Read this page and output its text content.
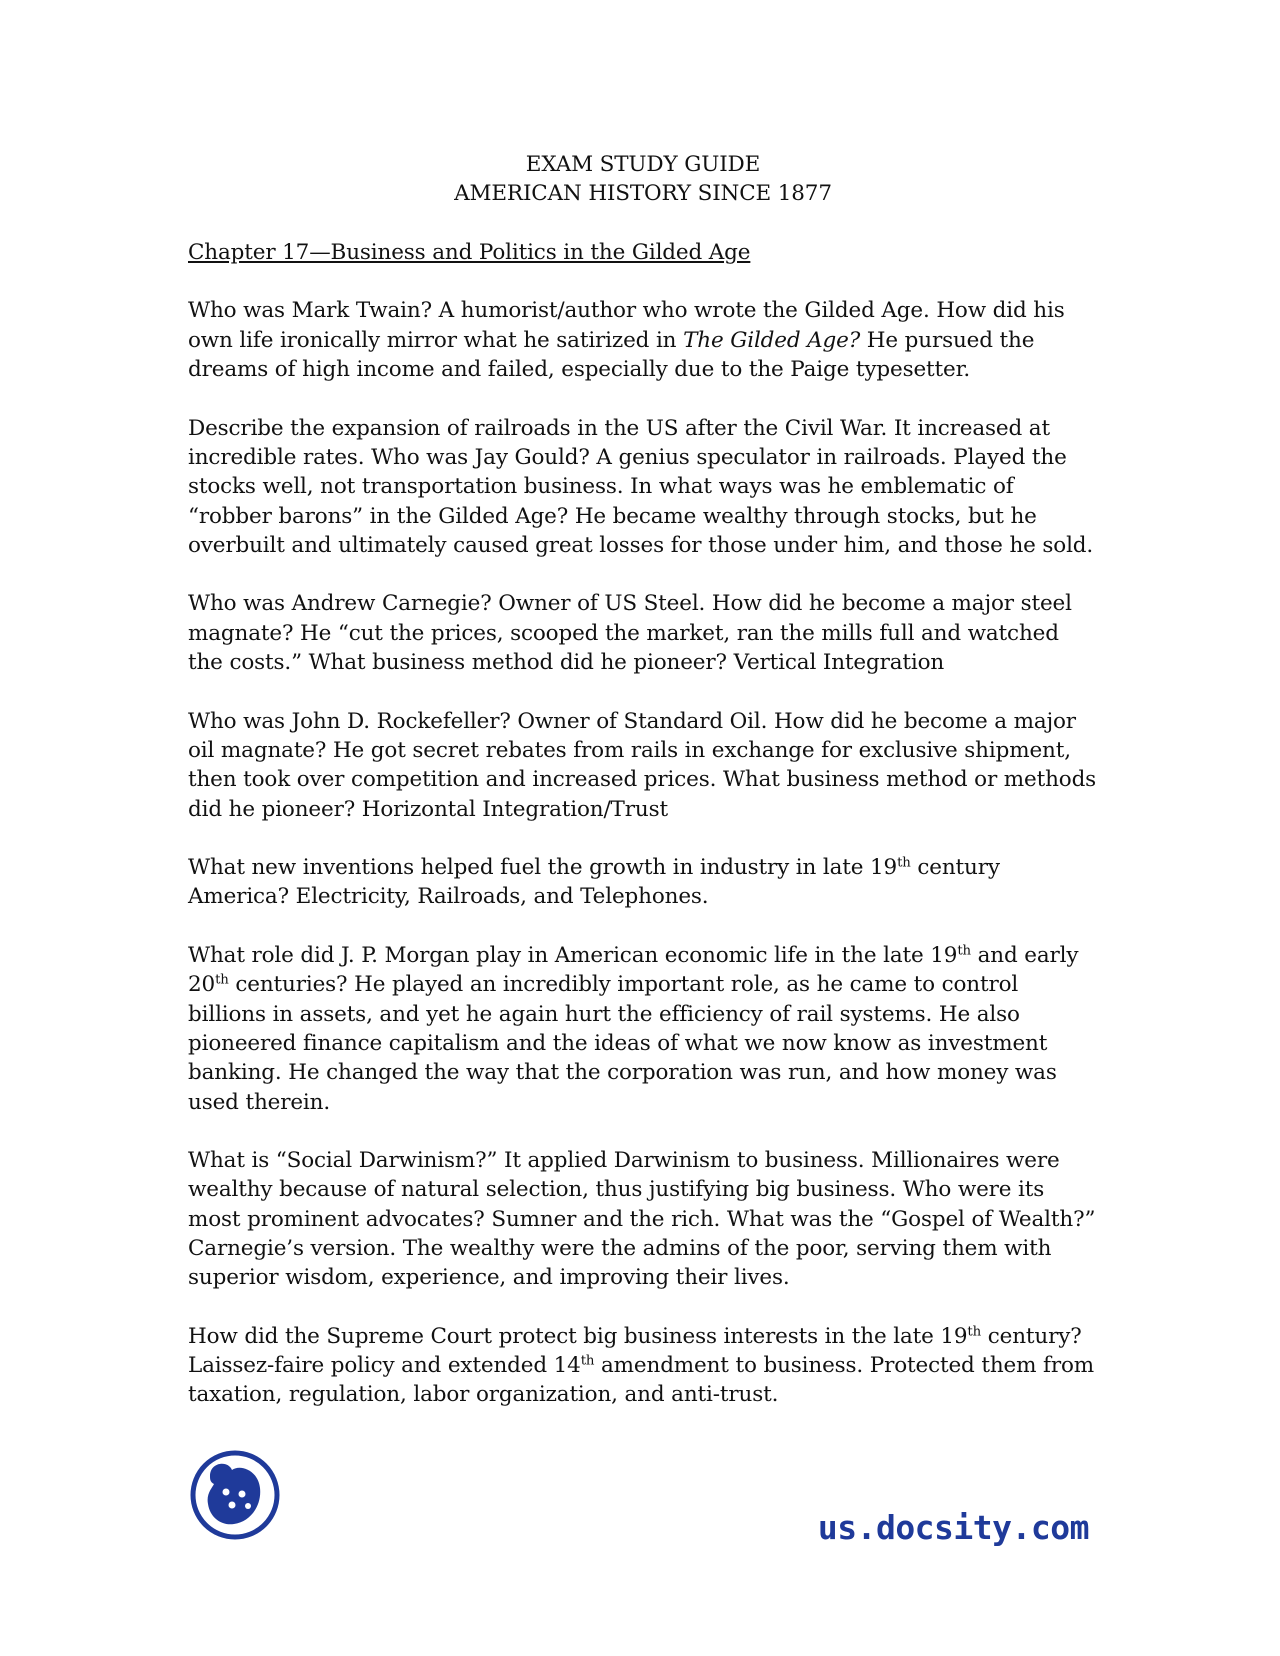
EXAM STUDY GUIDE

AMERICAN HISTORY SINCE 1877

Chapter 17—Business and Politics in the Gilded Age

Who was Mark Twain? A humorist/author who wrote the Gilded Age. How did his own life ironically mirror what he satirized in The Gilded Age? He pursued the dreams of high income and failed, especially due to the Paige typesetter.

Describe the expansion of railroads in the US after the Civil War. It increased at incredible rates. Who was Jay Gould? A genius speculator in railroads. Played the stocks well, not transportation business. In what ways was he emblematic of “robber barons” in the Gilded Age? He became wealthy through stocks, but he overbuilt and ultimately caused great losses for those under him, and those he sold.

Who was Andrew Carnegie? Owner of US Steel. How did he become a major steel magnate? He “cut the prices, scooped the market, ran the mills full and watched the costs.” What business method did he pioneer? Vertical Integration

Who was John D. Rockefeller? Owner of Standard Oil. How did he become a major oil magnate? He got secret rebates from rails in exchange for exclusive shipment, then took over competition and increased prices. What business method or methods did he pioneer? Horizontal Integration/Trust

What new inventions helped fuel the growth in industry in late 19th century America? Electricity, Railroads, and Telephones.

What role did J. P. Morgan play in American economic life in the late 19th and early 20th centuries? He played an incredibly important role, as he came to control billions in assets, and yet he again hurt the efficiency of rail systems. He also pioneered finance capitalism and the ideas of what we now know as investment banking. He changed the way that the corporation was run, and how money was used therein.

What is “Social Darwinism?” It applied Darwinism to business. Millionaires were wealthy because of natural selection, thus justifying big business. Who were its most prominent advocates? Sumner and the rich. What was the “Gospel of Wealth?” Carnegie’s version. The wealthy were the admins of the poor, serving them with superior wisdom, experience, and improving their lives.

How did the Supreme Court protect big business interests in the late 19th century? Laissez-faire policy and extended 14th amendment to business. Protected them from taxation, regulation, labor organization, and anti-trust.

us.docsity.com
